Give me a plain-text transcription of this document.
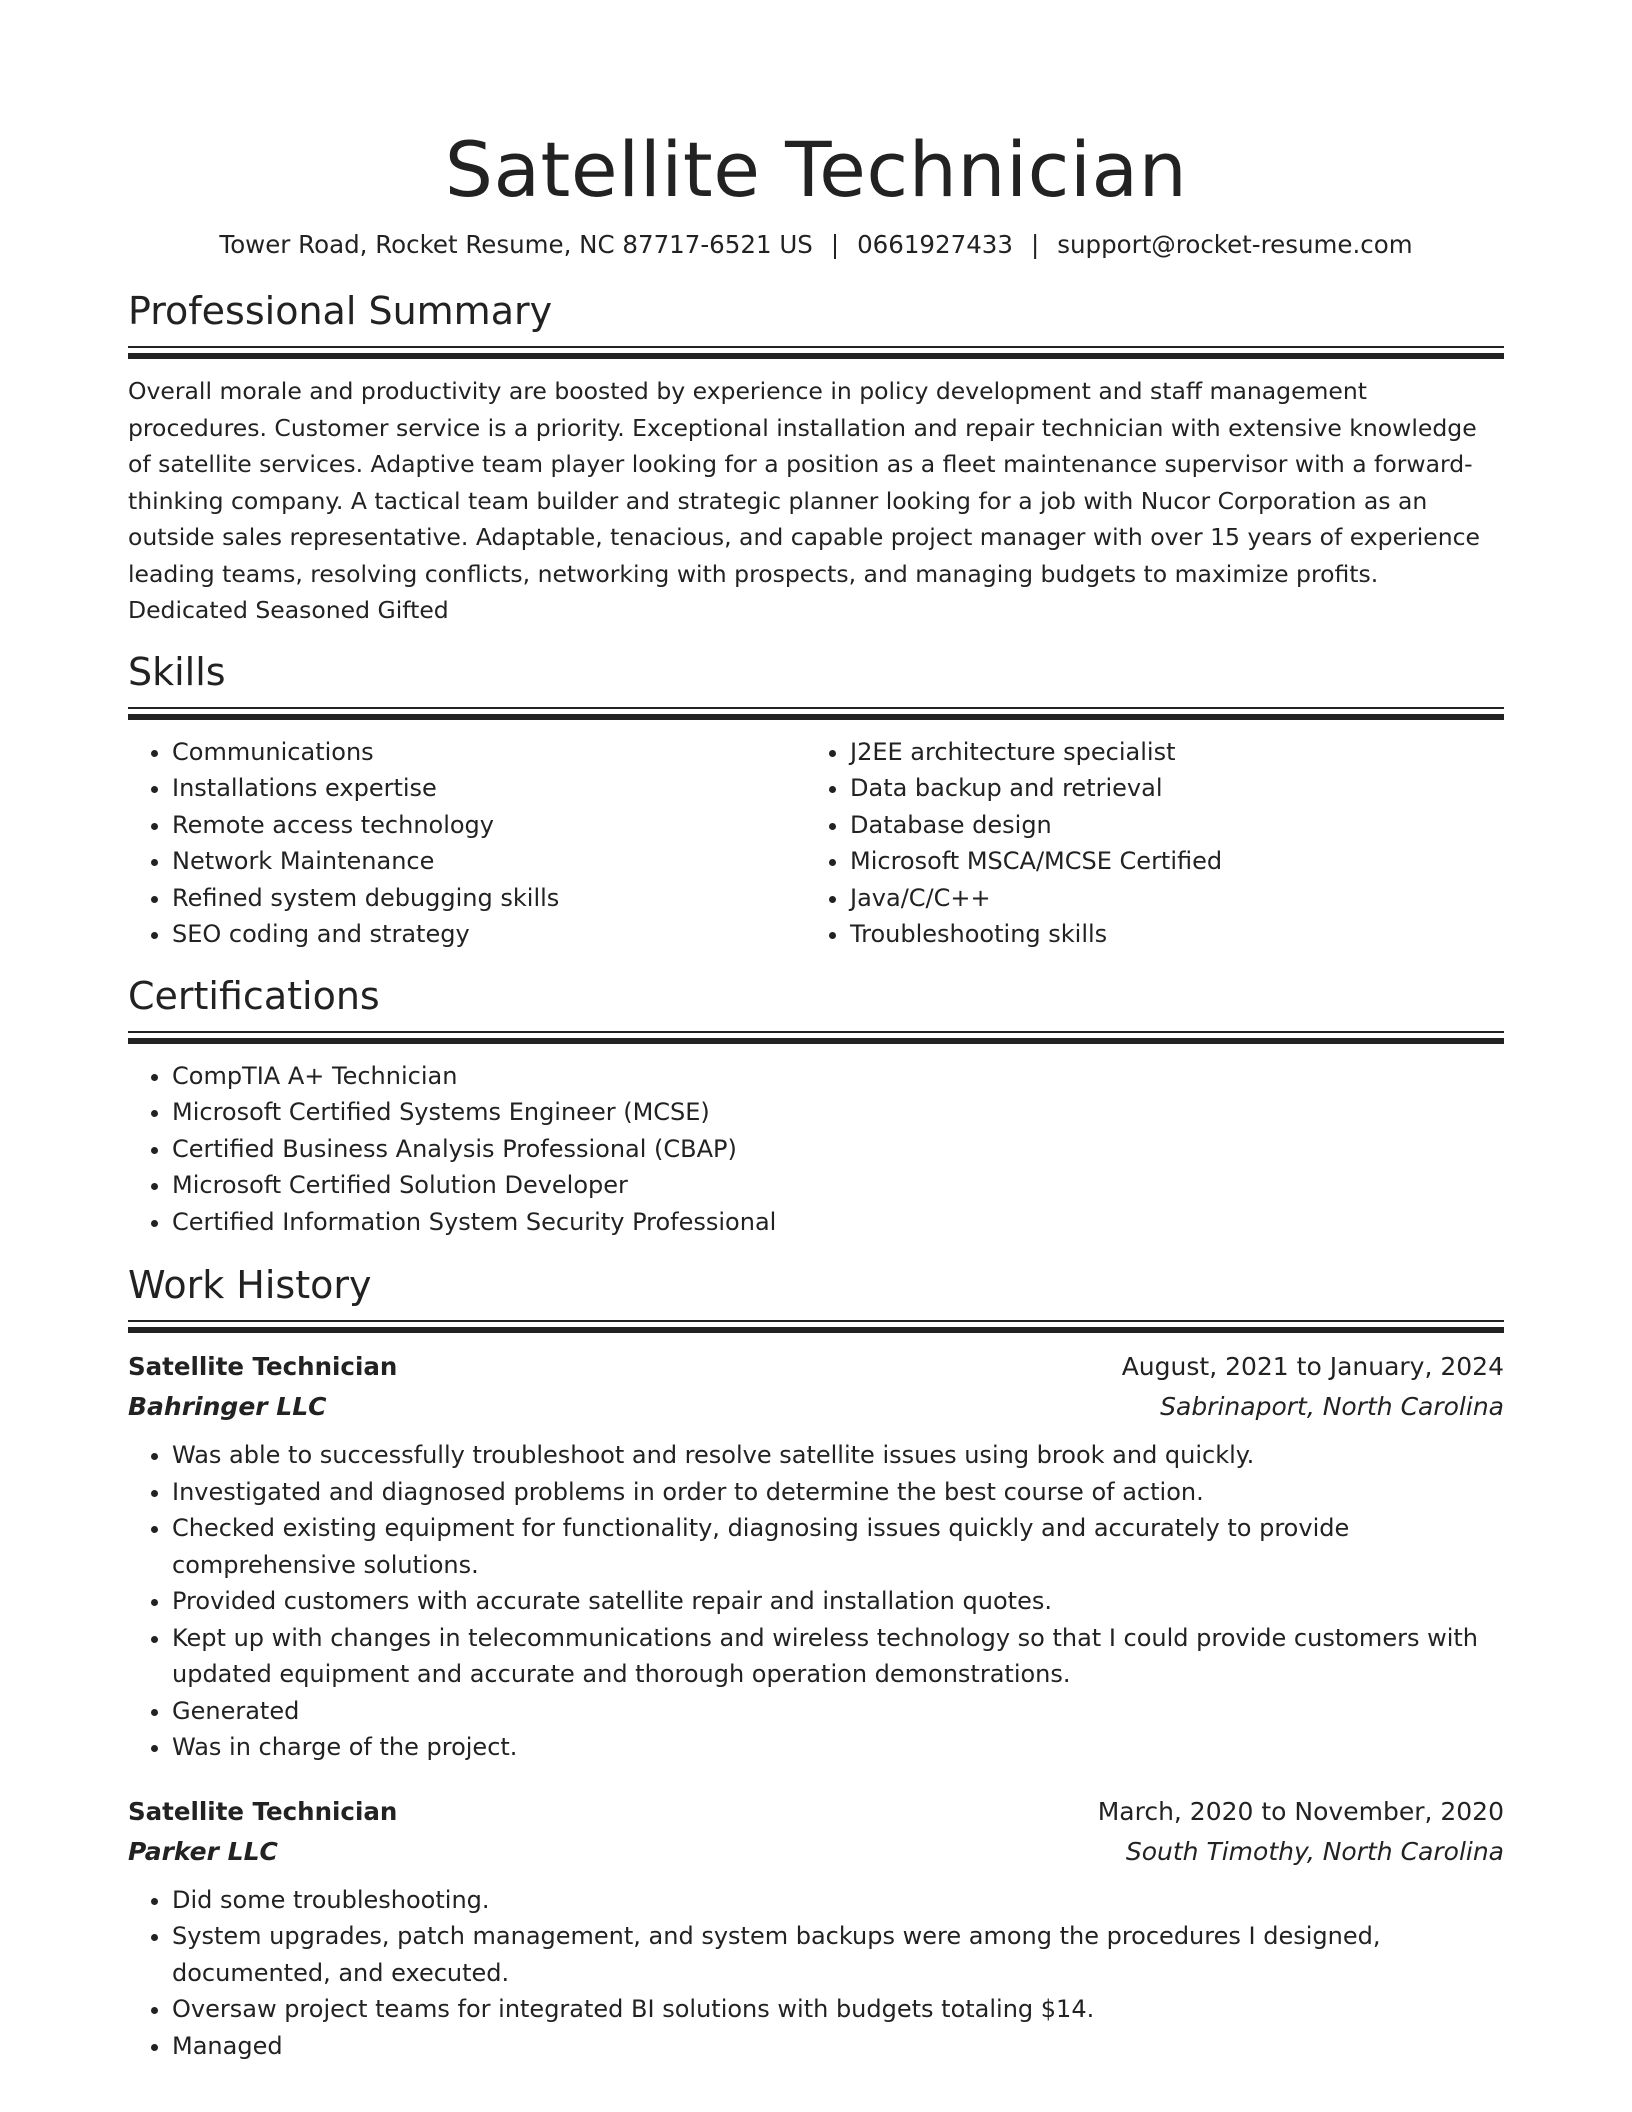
Satellite Technician
Tower Road, Rocket Resume, NC 87717-6521 US | 0661927433 | support@rocket-resume.com
Professional Summary
Overall morale and productivity are boosted by experience in policy development and staff management procedures. Customer service is a priority. Exceptional installation and repair technician with extensive knowledge of satellite services. Adaptive team player looking for a position as a fleet maintenance supervisor with a forward-thinking company. A tactical team builder and strategic planner looking for a job with Nucor Corporation as an outside sales representative. Adaptable, tenacious, and capable project manager with over 15 years of experience leading teams, resolving conflicts, networking with prospects, and managing budgets to maximize profits. Dedicated Seasoned Gifted
Skills
• Communications
• Installations expertise
• Remote access technology
• Network Maintenance
• Refined system debugging skills
• SEO coding and strategy
• J2EE architecture specialist
• Data backup and retrieval
• Database design
• Microsoft MSCA/MCSE Certified
• Java/C/C++
• Troubleshooting skills
Certifications
• CompTIA A+ Technician
• Microsoft Certified Systems Engineer (MCSE)
• Certified Business Analysis Professional (CBAP)
• Microsoft Certified Solution Developer
• Certified Information System Security Professional
Work History
Satellite Technician	August, 2021 to January, 2024
Bahringer LLC	Sabrinaport, North Carolina
• Was able to successfully troubleshoot and resolve satellite issues using brook and quickly.
• Investigated and diagnosed problems in order to determine the best course of action.
• Checked existing equipment for functionality, diagnosing issues quickly and accurately to provide comprehensive solutions.
• Provided customers with accurate satellite repair and installation quotes.
• Kept up with changes in telecommunications and wireless technology so that I could provide customers with updated equipment and accurate and thorough operation demonstrations.
• Generated
• Was in charge of the project.
Satellite Technician	March, 2020 to November, 2020
Parker LLC	South Timothy, North Carolina
• Did some troubleshooting.
• System upgrades, patch management, and system backups were among the procedures I designed, documented, and executed.
• Oversaw project teams for integrated BI solutions with budgets totaling $14.
• Managed
